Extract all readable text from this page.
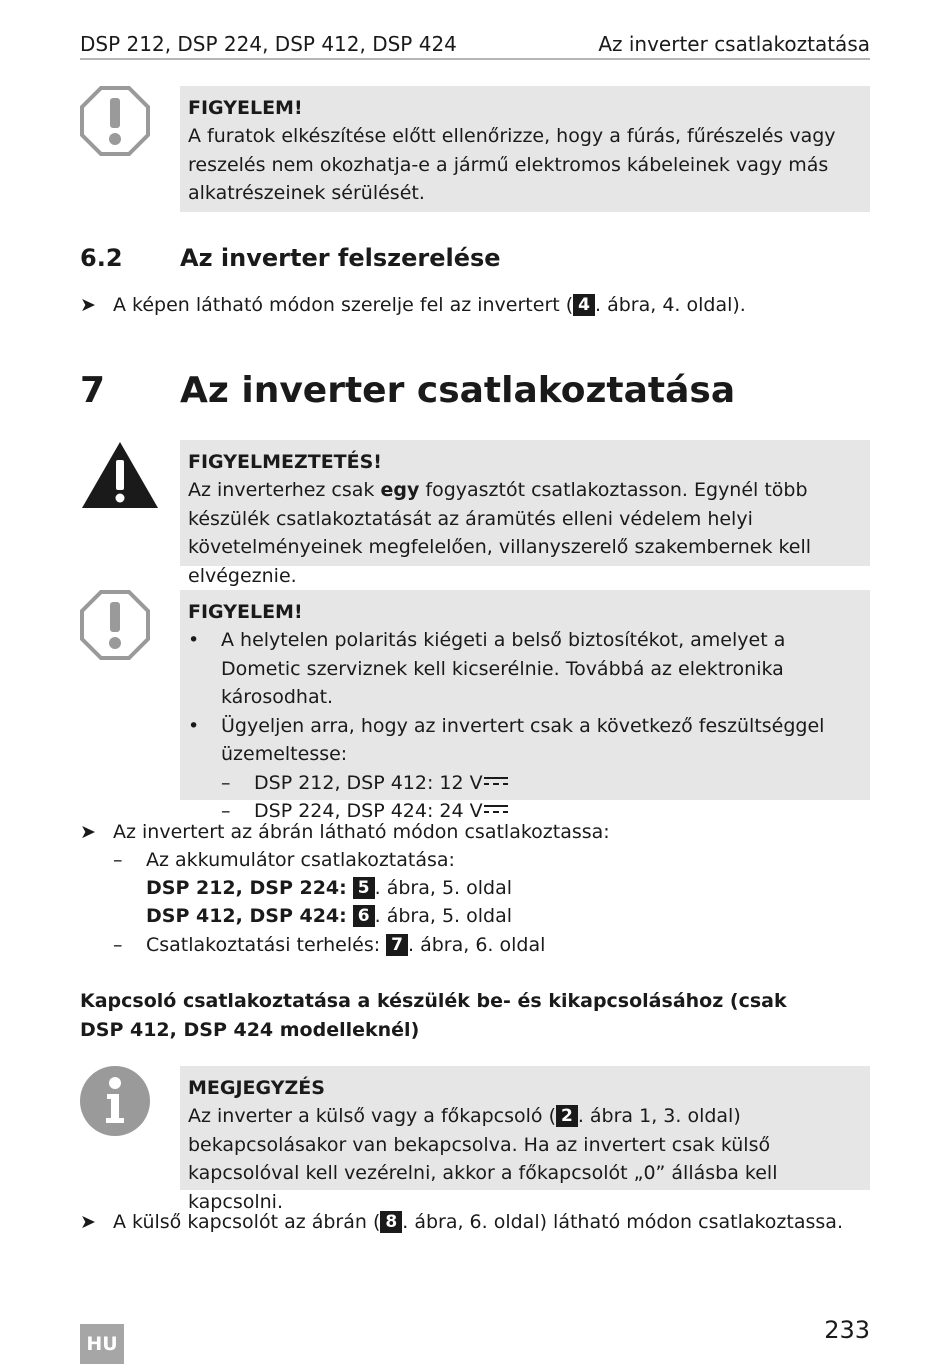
DSP 212, DSP 224, DSP 412, DSP 424	Az inverter csatlakoztatása
FIGYELEM!
A furatok elkészítése előtt ellenőrizze, hogy a fúrás, fűrészelés vagy reszelés nem okozhatja-e a jármű elektromos kábeleinek vagy más alkatrészeinek sérülését.
6.2	Az inverter felszerelése
➤ A képen látható módon szerelje fel az invertert ( 4 . ábra, 4. oldal).
7 Az inverter csatlakoztatása
FIGYELMEZTETÉS!
Az inverterhez csak egy fogyasztót csatlakoztasson. Egynél több készülék csatlakoztatását az áramütés elleni védelem helyi követelményeinek megfelelően, villanyszerelő szakembernek kell elvégeznie.
FIGYELEM!
• A helytelen polaritás kiégeti a belső biztosítékot, amelyet a Dometic szerviznek kell kicserélnie. Továbbá az elektronika károsodhat.
• Ügyeljen arra, hogy az invertert csak a következő feszültséggel üzemeltesse:
– DSP 212, DSP 412: 12 V
– DSP 224, DSP 424: 24 V
➤ Az invertert az ábrán látható módon csatlakoztassa:
– Az akkumulátor csatlakoztatása:
DSP 212, DSP 224: 5 . ábra, 5. oldal
DSP 412, DSP 424: 6 . ábra, 5. oldal
– Csatlakoztatási terhelés: 7 . ábra, 6. oldal
Kapcsoló csatlakoztatása a készülék be- és kikapcsolásához (csak DSP 412, DSP 424 modelleknél)
MEGJEGYZÉS
Az inverter a külső vagy a főkapcsoló ( 2 . ábra 1, 3. oldal) bekapcsolásakor van bekapcsolva. Ha az invertert csak külső kapcsolóval kell vezérelni, akkor a főkapcsolót „0” állásba kell kapcsolni.
➤ A külső kapcsolót az ábrán ( 8 . ábra, 6. oldal) látható módon csatlakoztassa.
HU	233
